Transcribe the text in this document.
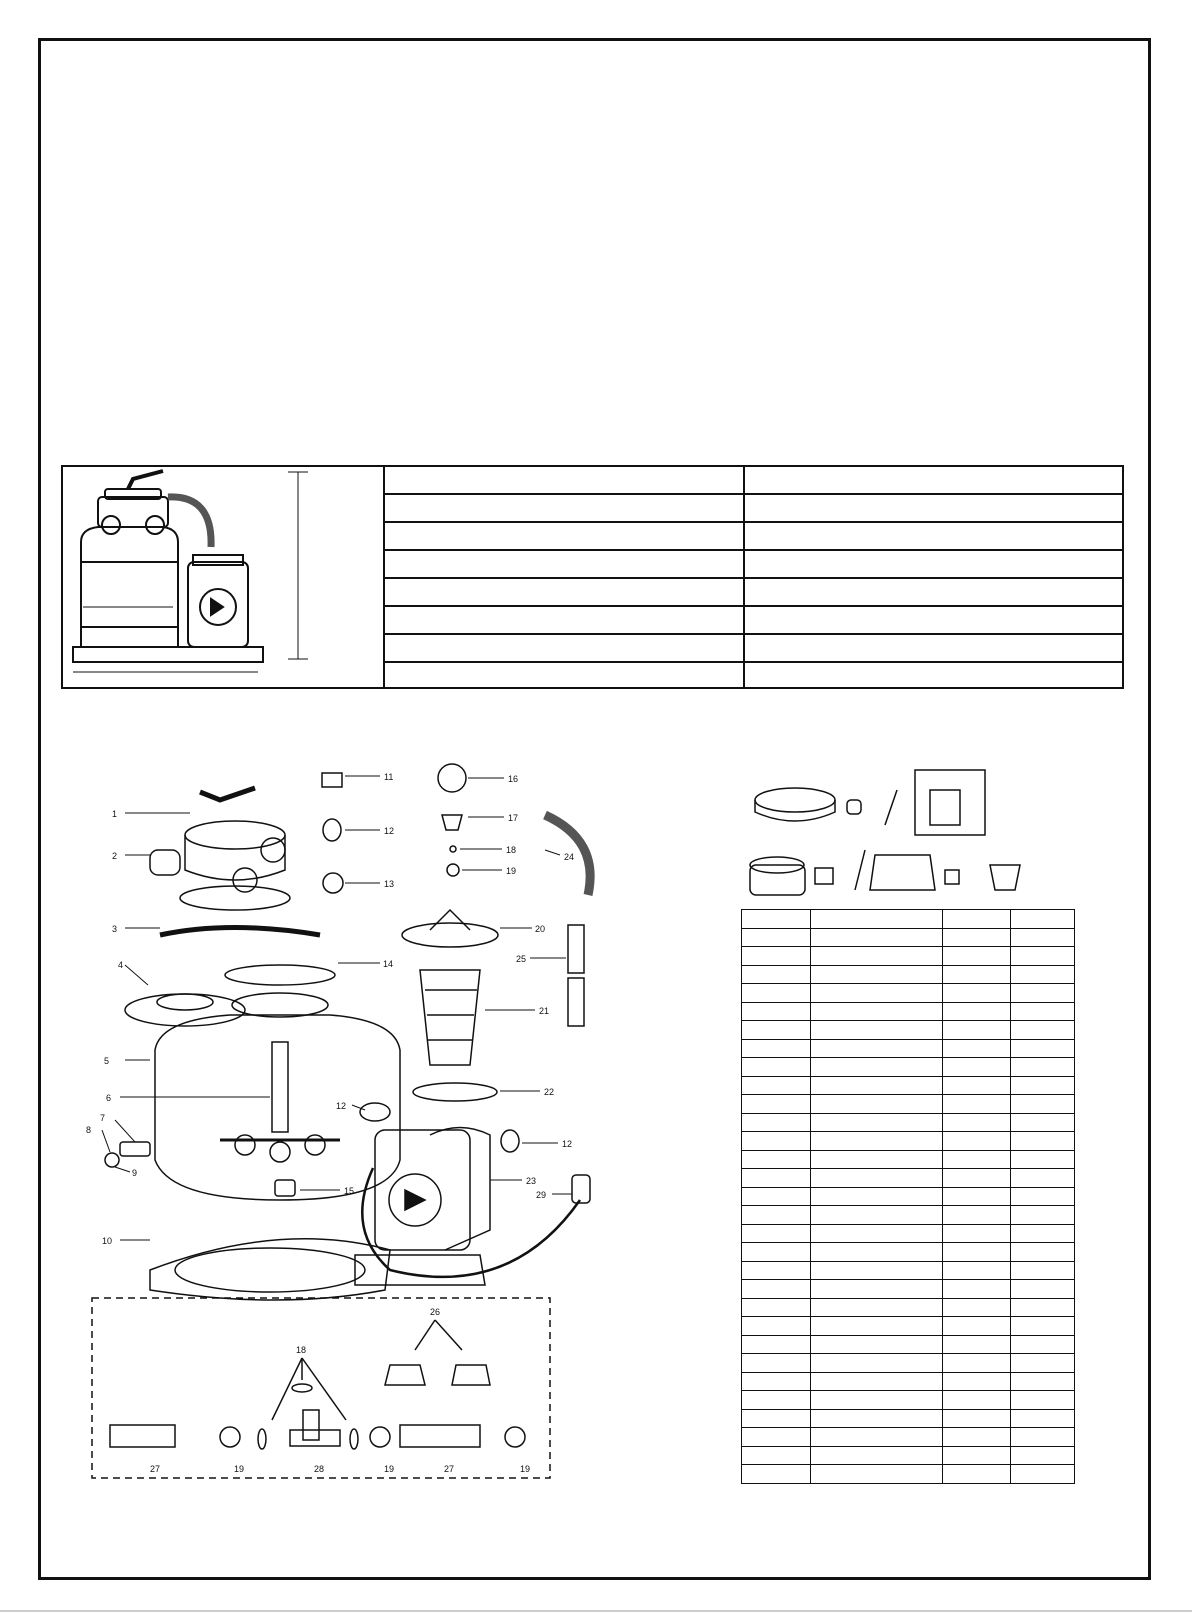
1
2
3
4
5
6
7
8
9
10
11
12
13
14
15
16
17
18
19
20
21
22
23
24
25
12
12
29
18
26
27	19	28	19	27	19
